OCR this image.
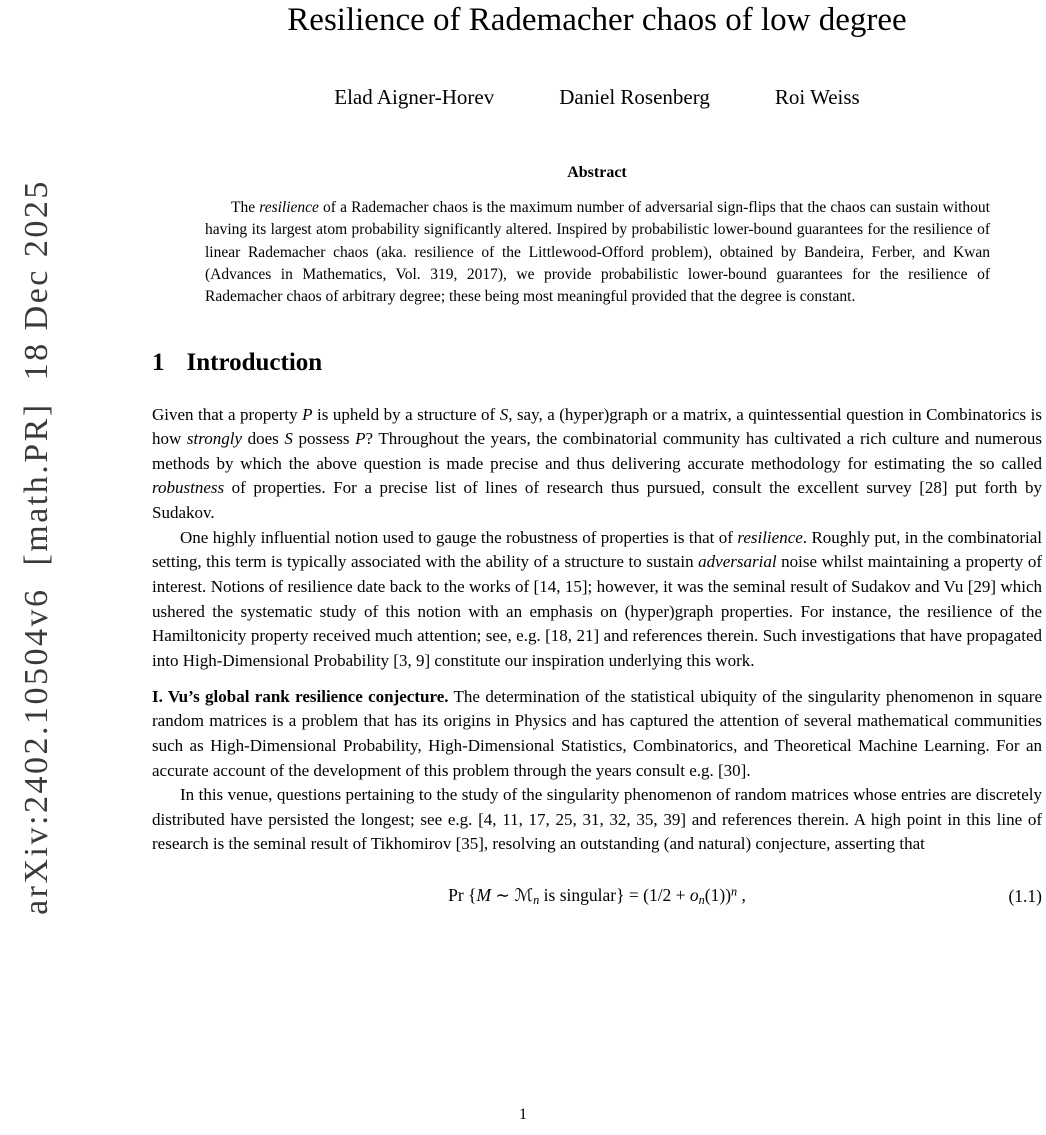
arXiv:2402.10504v6  [math.PR]  18 Dec 2025
Resilience of Rademacher chaos of low degree
Elad Aigner-Horev	Daniel Rosenberg	Roi Weiss
Abstract
The resilience of a Rademacher chaos is the maximum number of adversarial sign-flips that the chaos can sustain without having its largest atom probability significantly altered. Inspired by probabilistic lower-bound guarantees for the resilience of linear Rademacher chaos (aka. resilience of the Littlewood-Offord problem), obtained by Bandeira, Ferber, and Kwan (Advances in Mathematics, Vol. 319, 2017), we provide probabilistic lower-bound guarantees for the resilience of Rademacher chaos of arbitrary degree; these being most meaningful provided that the degree is constant.
1 Introduction

Given that a property P is upheld by a structure of S, say, a (hyper)graph or a matrix, a quintessential question in Combinatorics is how strongly does S possess P? Throughout the years, the combinatorial community has cultivated a rich culture and numerous methods by which the above question is made precise and thus delivering accurate methodology for estimating the so called robustness of properties. For a precise list of lines of research thus pursued, consult the excellent survey [28] put forth by Sudakov.

One highly influential notion used to gauge the robustness of properties is that of resilience. Roughly put, in the combinatorial setting, this term is typically associated with the ability of a structure to sustain adversarial noise whilst maintaining a property of interest. Notions of resilience date back to the works of [14, 15]; however, it was the seminal result of Sudakov and Vu [29] which ushered the systematic study of this notion with an emphasis on (hyper)graph properties. For instance, the resilience of the Hamiltonicity property received much attention; see, e.g. [18, 21] and references therein. Such investigations that have propagated into High-Dimensional Probability [3, 9] constitute our inspiration underlying this work.

I. Vu’s global rank resilience conjecture. The determination of the statistical ubiquity of the singularity phenomenon in square random matrices is a problem that has its origins in Physics and has captured the attention of several mathematical communities such as High-Dimensional Probability, High-Dimensional Statistics, Combinatorics, and Theoretical Machine Learning. For an accurate account of the development of this problem through the years consult e.g. [30].

In this venue, questions pertaining to the study of the singularity phenomenon of random matrices whose entries are discretely distributed have persisted the longest; see e.g. [4, 11, 17, 25, 31, 32, 35, 39] and references therein. A high point in this line of research is the seminal result of Tikhomirov [35], resolving an outstanding (and natural) conjecture, asserting that

Pr {M ∼ ℳn is singular} = $(1/2 + on(1))^n$ ,	(1.1)
1
